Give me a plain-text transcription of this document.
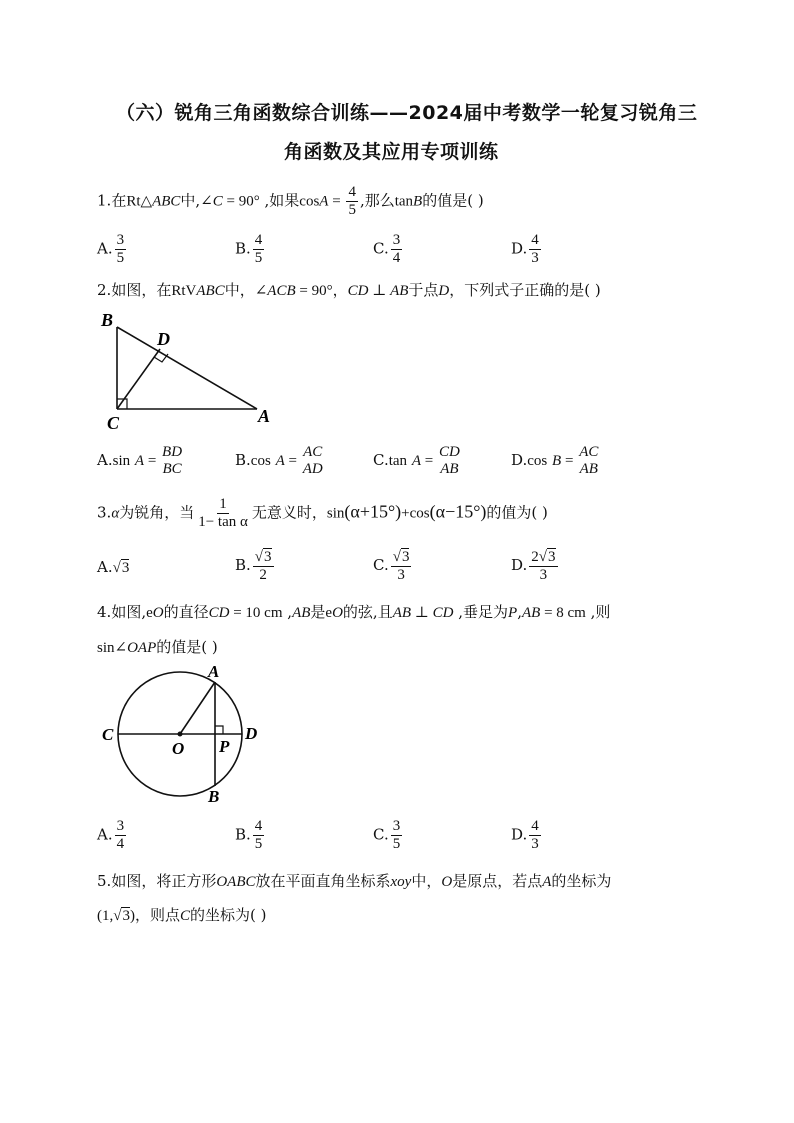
（六）锐角三角函数综合训练——2024届中考数学一轮复习锐角三
角函数及其应用专项训练
1.在Rt△ABC中,∠C = 90° ,如果$\cos A = \frac{4}{5}$ ,那么tanB的值是( )
A. $\frac{3}{5}$	B. $\frac{4}{5}$	C. $\frac{3}{4}$	D. $\frac{4}{3}$
2.如图，在RtVABC中，∠ACB = 90°，CD ⊥ AB于点D，下列式子正确的是( )
B
D
C	A
A.sin A =
BD
BC	B.cos A =
AC
AD	C.tan A =
CD
AB	D.cos B =
AC
AB
3.α为锐角，当 $\frac{1}{\text{1− tan α}}$ 无意义时，sin(α+15°)+cos(α−15°)的值为( )
A.√3	B. $\frac{√3}{2}$	C. $\frac{√3}{3}$	D. $\frac{2√3}{3}$
4.如图,eO的直径CD = 10 cm ,AB是eO的弦,且AB ⊥ CD ,垂足为P,AB = 8 cm ,则
sin∠OAP的值是( )
A
C
O P
D
B
A. $\frac{3}{4}$	B. $\frac{4}{5}$	C. $\frac{3}{5}$	D. $\frac{4}{3}$
5.如图，将正方形OABC放在平面直角坐标系xoy中，O是原点，若点A的坐标为
(1,√3)，则点C的坐标为( )
